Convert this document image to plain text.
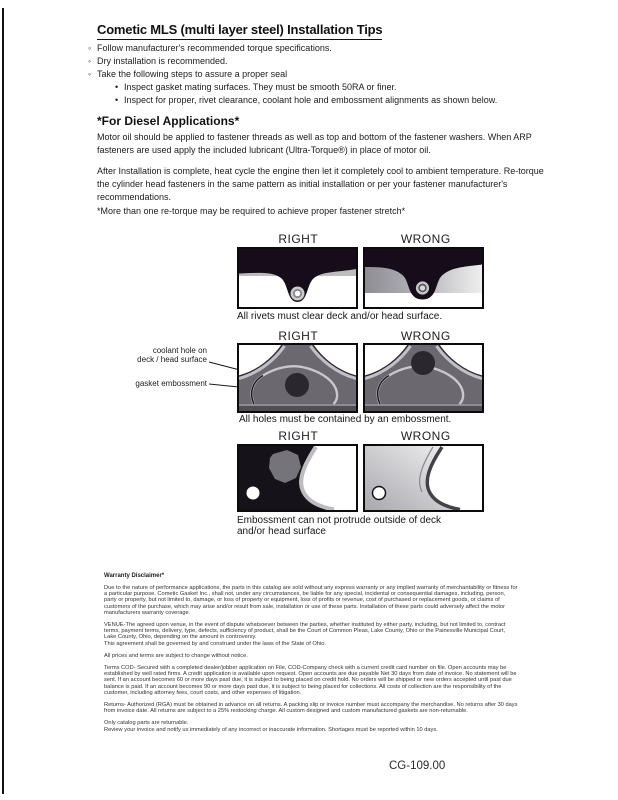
Cometic MLS (multi layer steel) Installation Tips
◦ Follow manufacturer's recommended torque specifications.
◦ Dry installation is recommended.
◦ Take the following steps to assure a proper seal
• Inspect gasket mating surfaces. They must be smooth 50RA or finer.
• Inspect for proper, rivet clearance, coolant hole and embossment alignments as shown below.
*For Diesel Applications*

Motor oil should be applied to fastener threads as well as top and bottom of the fastener washers. When ARP fasteners are used apply the included lubricant (Ultra-Torque®) in place of motor oil.

After Installation is complete, heat cycle the engine then let it completely cool to ambient temperature. Re-torque the cylinder head fasteners in the same pattern as initial installation or per your fastener manufacturer's recommendations.

*More than one re-torque may be required to achieve proper fastener stretch*

RIGHT	WRONG
All rivets must clear deck and/or head surface.
coolant hole on
deck / head surface
gasket embossment
RIGHT	WRONG
All holes must be contained by an embossment.
RIGHT	WRONG
Embossment can not protrude outside of deck and/or head surface
Warranty Disclaimer*

Due to the nature of performance applications, the parts in this catalog are sold without any express warranty or any implied warranty of merchantability or fitness for a particular purpose. Cometic Gasket Inc., shall not, under any circumstances, be liable for any special, incidental or consequential damages, including, person, party or property, but not limited to, damage, or loss of property or equipment, loss of profits or revenue, cost of purchased or replacement goods, or claims of customers of the purchase, which may arise and/or result from sale, installation or use of these parts. Installation of these parts could adversely affect the motor manufacturers warranty coverage.

VENUE-The agreed upon venue, in the event of dispute whatsoever between the parties, whether instituted by either party, including, but not limited to, contract terms, payment terms, delivery, type, defects, sufficiency of product, shall be the Court of Common Pleas, Lake County, Ohio or the Painesville Municipal Court, Lake County, Ohio, depending on the amount in controversy.

This agreement shall be governed by and construed under the laws of the State of Ohio.

All prices and terms are subject to change without notice.

Terms COD- Secured with a completed dealer/jobber application on File, COD-Company check with a current credit card number on file. Open accounts may be established by well rated firms. A credit application is available upon request. Open accounts are due payable Net 30 days from date of invoice. No statement will be sent. If an account becomes 60 or more days past due, it is subject to being placed on credit hold. No orders will be shipped or new orders accepted until past due balance is paid. If an account becomes 90 or more days past due, it is subject to being placed for collections. All costs of collection are the responsibility of the customer, including attorney fees, court costs, and other expenses of litigation.

Returns- Authorized (RGA) must be obtained in advance on all returns. A packing slip or invoice number must accompany the merchandise. No returns after 30 days from invoice date. All returns are subject to a 25% restocking charge. All custom designed and custom manufactured gaskets are non-returnable.

Only catalog parts are returnable.

Review your invoice and notify us immediately of any incorrect or inaccurate information. Shortages must be reported within 10 days.

CG-109.00
